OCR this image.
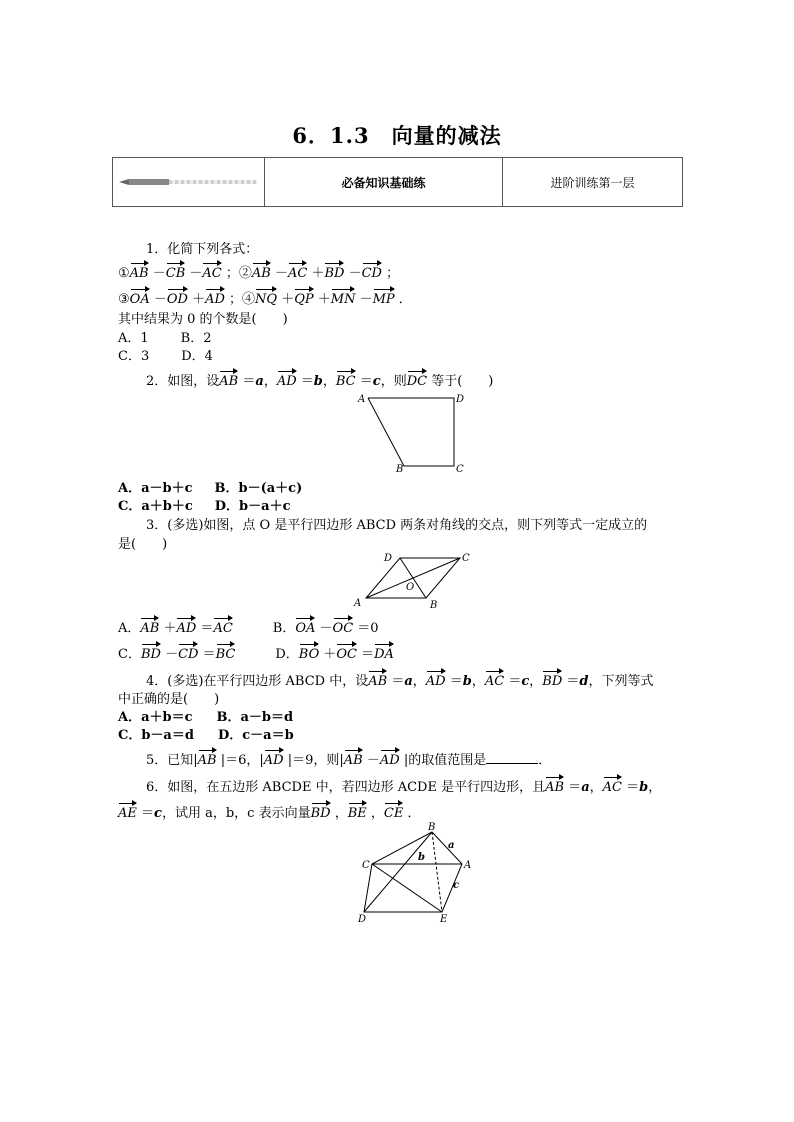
6．1.3　向量的减法
必备知识基础练	进阶训练第一层
1．化简下列各式：
①AB －CB －AC ；②AB －AC ＋BD －CD ；
③OA －OD ＋AD ；④NQ ＋QP ＋MN －MP ．
其中结果为 0 的个数是(　　)
A．1 B．2
C．3 D．4
2．如图，设AB ＝a，AD ＝b，BC ＝c，则DC 等于(　　)
A	D
B	C
A．a－b＋c B．b－(a＋c)
C．a＋b＋c D．b－a＋c
3．(多选)如图，点 O 是平行四边形 ABCD 两条对角线的交点，则下列等式一定成立的
是(　　)
A	B
C
D
O
A．AB ＋AD ＝AC	B．OA －OC ＝0
C．BD －CD ＝BC	D．BO ＋OC ＝DA
4．(多选)在平行四边形 ABCD 中，设AB ＝a，AD ＝b，AC ＝c，BD ＝d，下列等式
中正确的是(　　)
A．a＋b＝c B．a－b＝d
C．b－a＝d D．c－a＝b
5．已知|AB |＝6，|AD |＝9，则|AB －AD |的取值范围是	．
6．如图，在五边形 ABCDE 中，若四边形 ACDE 是平行四边形，且AB ＝a，AC ＝b，
AE ＝c，试用 a，b，c 表示向量BD ，BE ，CE ．
B
A
C
D	E
a
b
c
